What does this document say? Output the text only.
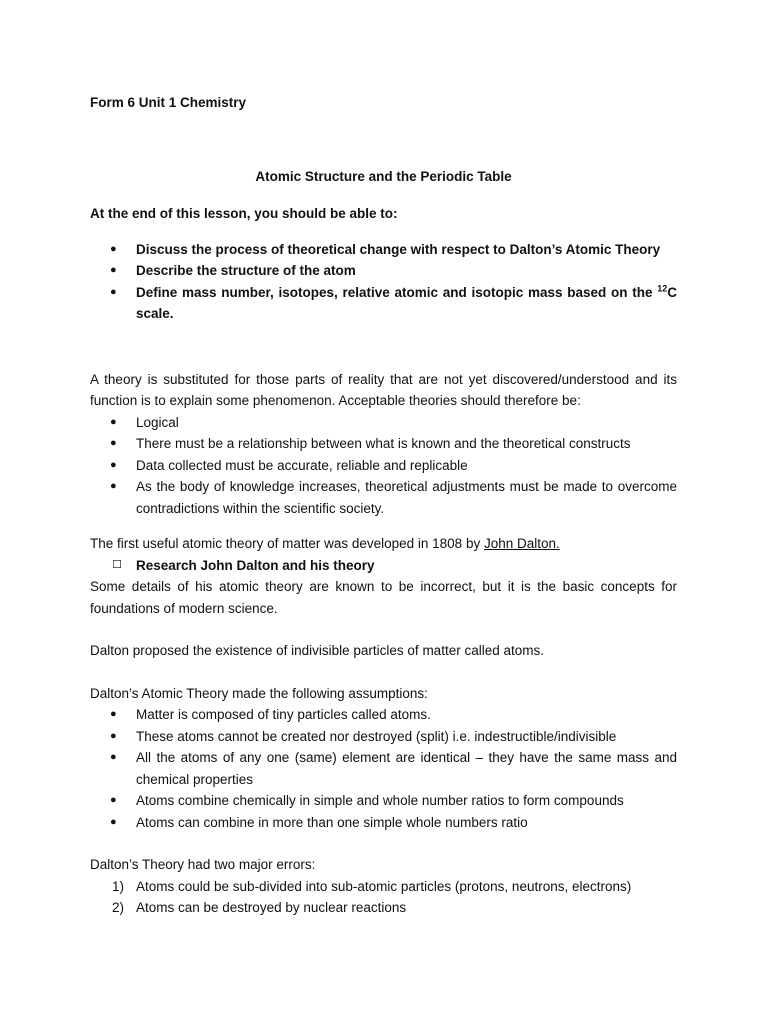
Form 6 Unit 1 Chemistry

Atomic Structure and the Periodic Table

At the end of this lesson, you should be able to:

● Discuss the process of theoretical change with respect to Dalton’s Atomic Theory
● Describe the structure of the atom
● Define mass number, isotopes, relative atomic and isotopic mass based on the $^{12}$C scale.

A theory is substituted for those parts of reality that are not yet discovered/understood and its function is to explain some phenomenon. Acceptable theories should therefore be:

● Logical
● There must be a relationship between what is known and the theoretical constructs
● Data collected must be accurate, reliable and replicable
● As the body of knowledge increases, theoretical adjustments must be made to overcome contradictions within the scientific society.

The first useful atomic theory of matter was developed in 1808 by John Dalton.

☐ Research John Dalton and his theory

Some details of his atomic theory are known to be incorrect, but it is the basic concepts for foundations of modern science.

Dalton proposed the existence of indivisible particles of matter called atoms.

Dalton’s Atomic Theory made the following assumptions:

● Matter is composed of tiny particles called atoms.
● These atoms cannot be created nor destroyed (split) i.e. indestructible/indivisible
● All the atoms of any one (same) element are identical – they have the same mass and chemical properties
● Atoms combine chemically in simple and whole number ratios to form compounds
● Atoms can combine in more than one simple whole numbers ratio

Dalton’s Theory had two major errors:

1) Atoms could be sub-divided into sub-atomic particles (protons, neutrons, electrons)
2) Atoms can be destroyed by nuclear reactions
